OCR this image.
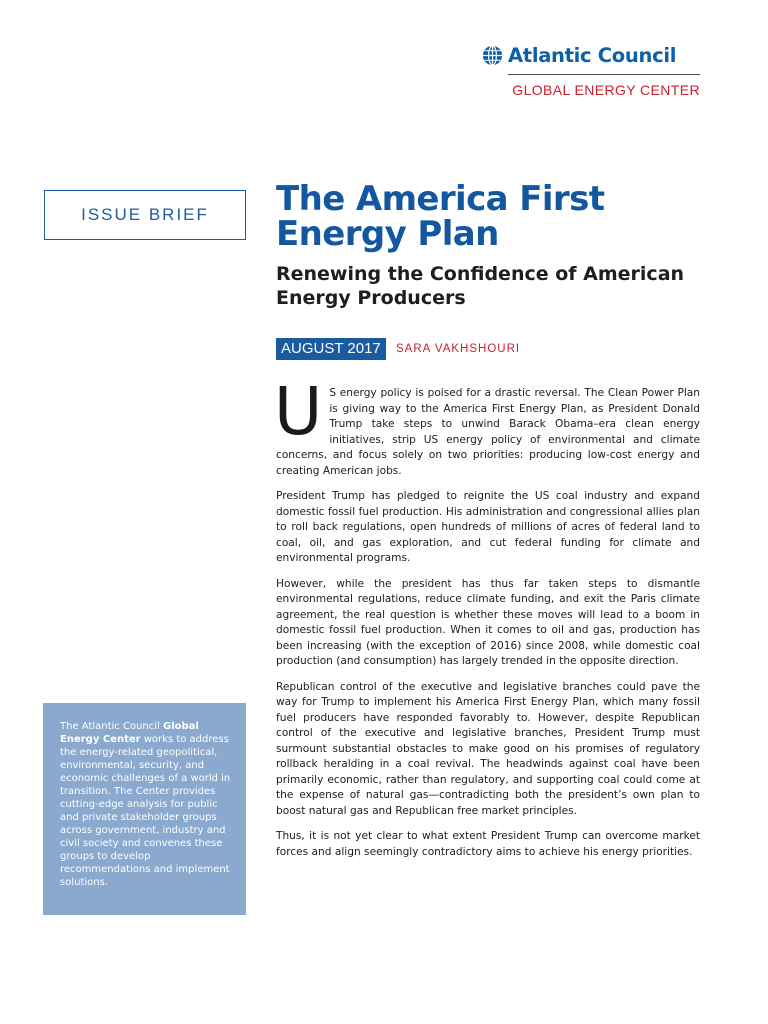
Atlantic Council
GLOBAL ENERGY CENTER
ISSUE BRIEF The America First Energy Plan
Renewing the Confidence of American Energy Producers
AUGUST 2017	SARA VAKHSHOURI

U S energy policy is poised for a drastic reversal. The Clean Power Plan is giving way to the America First Energy Plan, as President Donald Trump take steps to unwind Barack Obama–era clean energy initiatives, strip US energy policy of environmental and climate concerns, and focus solely on two priorities: producing low-cost energy and creating American jobs.

President Trump has pledged to reignite the US coal industry and expand domestic fossil fuel production. His administration and congressional allies plan to roll back regulations, open hundreds of millions of acres of federal land to coal, oil, and gas exploration, and cut federal funding for climate and environmental programs.

However, while the president has thus far taken steps to dismantle environmental regulations, reduce climate funding, and exit the Paris climate agreement, the real question is whether these moves will lead to a boom in domestic fossil fuel production. When it comes to oil and gas, production has been increasing (with the exception of 2016) since 2008, while domestic coal production (and consumption) has largely trended in the opposite direction.

Republican control of the executive and legislative branches could pave the way for Trump to implement his America First Energy Plan, which many fossil fuel producers have responded favorably to. However, despite Republican control of the executive and legislative branches, President Trump must surmount substantial obstacles to make good on his promises of regulatory rollback heralding in a coal revival. The headwinds against coal have been primarily economic, rather than regulatory, and supporting coal could come at the expense of natural gas—contradicting both the president’s own plan to boost natural gas and Republican free market principles.

Thus, it is not yet clear to what extent President Trump can overcome market forces and align seemingly contradictory aims to achieve his energy priorities.

The Atlantic Council Global Energy Center works to address the energy-related geopolitical, environmental, security, and economic challenges of a world in transition. The Center provides cutting-edge analysis for public and private stakeholder groups across government, industry and civil society and convenes these groups to develop recommendations and implement solutions.
